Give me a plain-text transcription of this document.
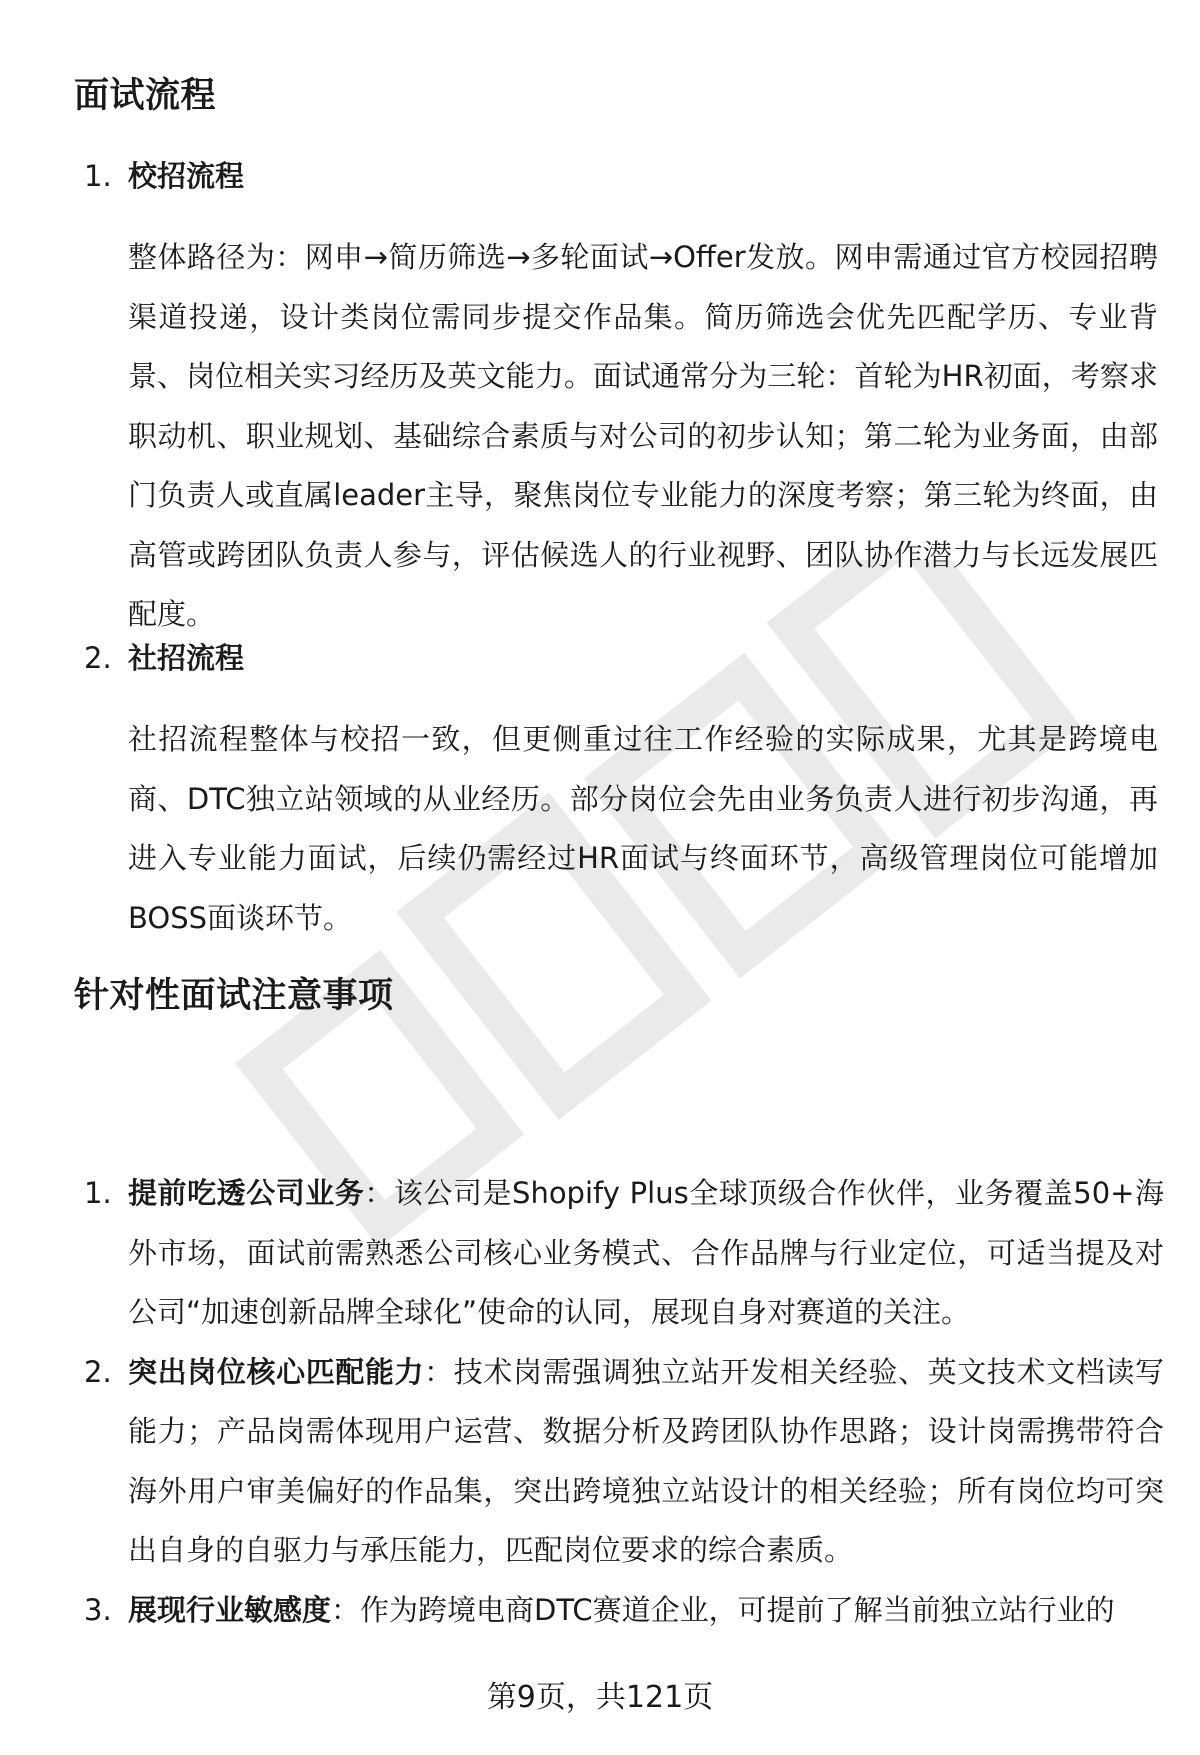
面试流程
1. 校招流程

整体路径为：网申→简历筛选→多轮面试→Offer发放。网申需通过官方校园招聘渠道投递，设计类岗位需同步提交作品集。简历筛选会优先匹配学历、专业背景、岗位相关实习经历及英文能力。面试通常分为三轮：首轮为HR初面，考察求职动机、职业规划、基础综合素质与对公司的初步认知；第二轮为业务面，由部门负责人或直属leader主导，聚焦岗位专业能力的深度考察；第三轮为终面，由高管或跨团队负责人参与，评估候选人的行业视野、团队协作潜力与长远发展匹配度。

2. 社招流程

社招流程整体与校招一致，但更侧重过往工作经验的实际成果，尤其是跨境电商、DTC独立站领域的从业经历。部分岗位会先由业务负责人进行初步沟通，再进入专业能力面试，后续仍需经过HR面试与终面环节，高级管理岗位可能增加BOSS面谈环节。

针对性面试注意事项
1. 提前吃透公司业务：该公司是Shopify Plus全球顶级合作伙伴，业务覆盖50+海外市场，面试前需熟悉公司核心业务模式、合作品牌与行业定位，可适当提及对公司“加速创新品牌全球化”使命的认同，展现自身对赛道的关注。
2. 突出岗位核心匹配能力：技术岗需强调独立站开发相关经验、英文技术文档读写能力；产品岗需体现用户运营、数据分析及跨团队协作思路；设计岗需携带符合海外用户审美偏好的作品集，突出跨境独立站设计的相关经验；所有岗位均可突出自身的自驱力与承压能力，匹配岗位要求的综合素质。
3. 展现行业敏感度：作为跨境电商DTC赛道企业，可提前了解当前独立站行业的
第9页，共121页
